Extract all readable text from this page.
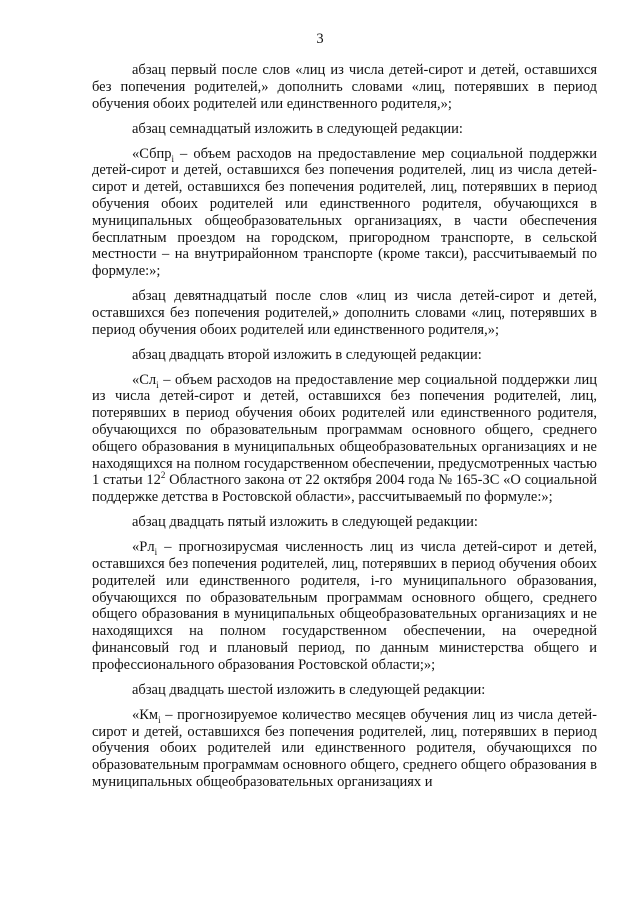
3

абзац первый после слов «лиц из числа детей-сирот и детей, оставшихся без попечения родителей,» дополнить словами «лиц, потерявших в период обучения обоих родителей или единственного родителя,»;

абзац семнадцатый изложить в следующей редакции:

«Сбпр$_i$ – объем расходов на предоставление мер социальной поддержки детей-сирот и детей, оставшихся без попечения родителей, лиц из числа детей-сирот и детей, оставшихся без попечения родителей, лиц, потерявших в период обучения обоих родителей или единственного родителя, обучающихся в муниципальных общеобразовательных организациях, в части обеспечения бесплатным проездом на городском, пригородном транспорте, в сельской местности – на внутрирайонном транспорте (кроме такси), рассчитываемый по формуле:»;

абзац девятнадцатый после слов «лиц из числа детей-сирот и детей, оставшихся без попечения родителей,» дополнить словами «лиц, потерявших в период обучения обоих родителей или единственного родителя,»;

абзац двадцать второй изложить в следующей редакции:

«$Сл_i$ – объем расходов на предоставление мер социальной поддержки лиц из числа детей-сирот и детей, оставшихся без попечения родителей, лиц, потерявших в период обучения обоих родителей или единственного родителя, обучающихся по образовательным программам основного общего, среднего общего образования в муниципальных общеобразовательных организациях и не находящихся на полном государственном обеспечении, предусмотренных частью 1 статьи $12^2$ Областного закона от 22 октября 2004 года № 165-ЗС «О социальной поддержке детства в Ростовской области», рассчитываемый по формуле:»;

абзац двадцать пятый изложить в следующей редакции:

«$Рл_i$ – прогнозирусмая численность лиц из числа детей-сирот и детей, оставшихся без попечения родителей, лиц, потерявших в период обучения обоих родителей или единственного родителя, i-го муниципального образования, обучающихся по образовательным программам основного общего, среднего общего образования в муниципальных общеобразовательных организациях и не находящихся на полном государственном обеспечении, на очередной финансовый год и плановый период, по данным министерства общего и профессионального образования Ростовской области;»;

абзац двадцать шестой изложить в следующей редакции:

«$Км_i$ – прогнозируемое количество месяцев обучения лиц из числа детей-сирот и детей, оставшихся без попечения родителей, лиц, потерявших в период обучения обоих родителей или единственного родителя, обучающихся по образовательным программам основного общего, среднего общего образования в муниципальных общеобразовательных организациях и
